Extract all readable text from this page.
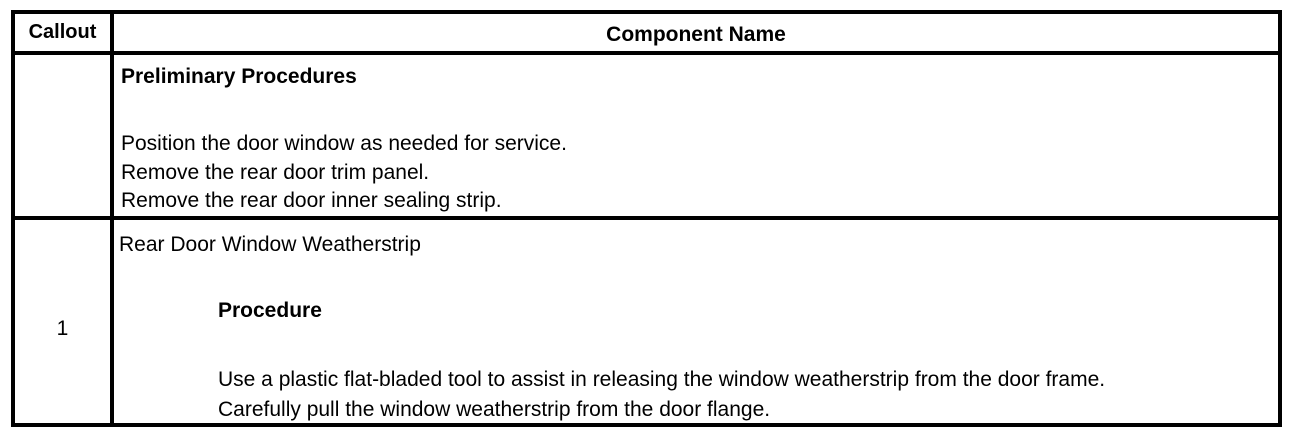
Callout	Component Name
Preliminary Procedures
Position the door window as needed for service.
Remove the rear door trim panel.
Remove the rear door inner sealing strip.
1
Rear Door Window Weatherstrip
Procedure
Use a plastic flat-bladed tool to assist in releasing the window weatherstrip from the door frame.
Carefully pull the window weatherstrip from the door flange.
